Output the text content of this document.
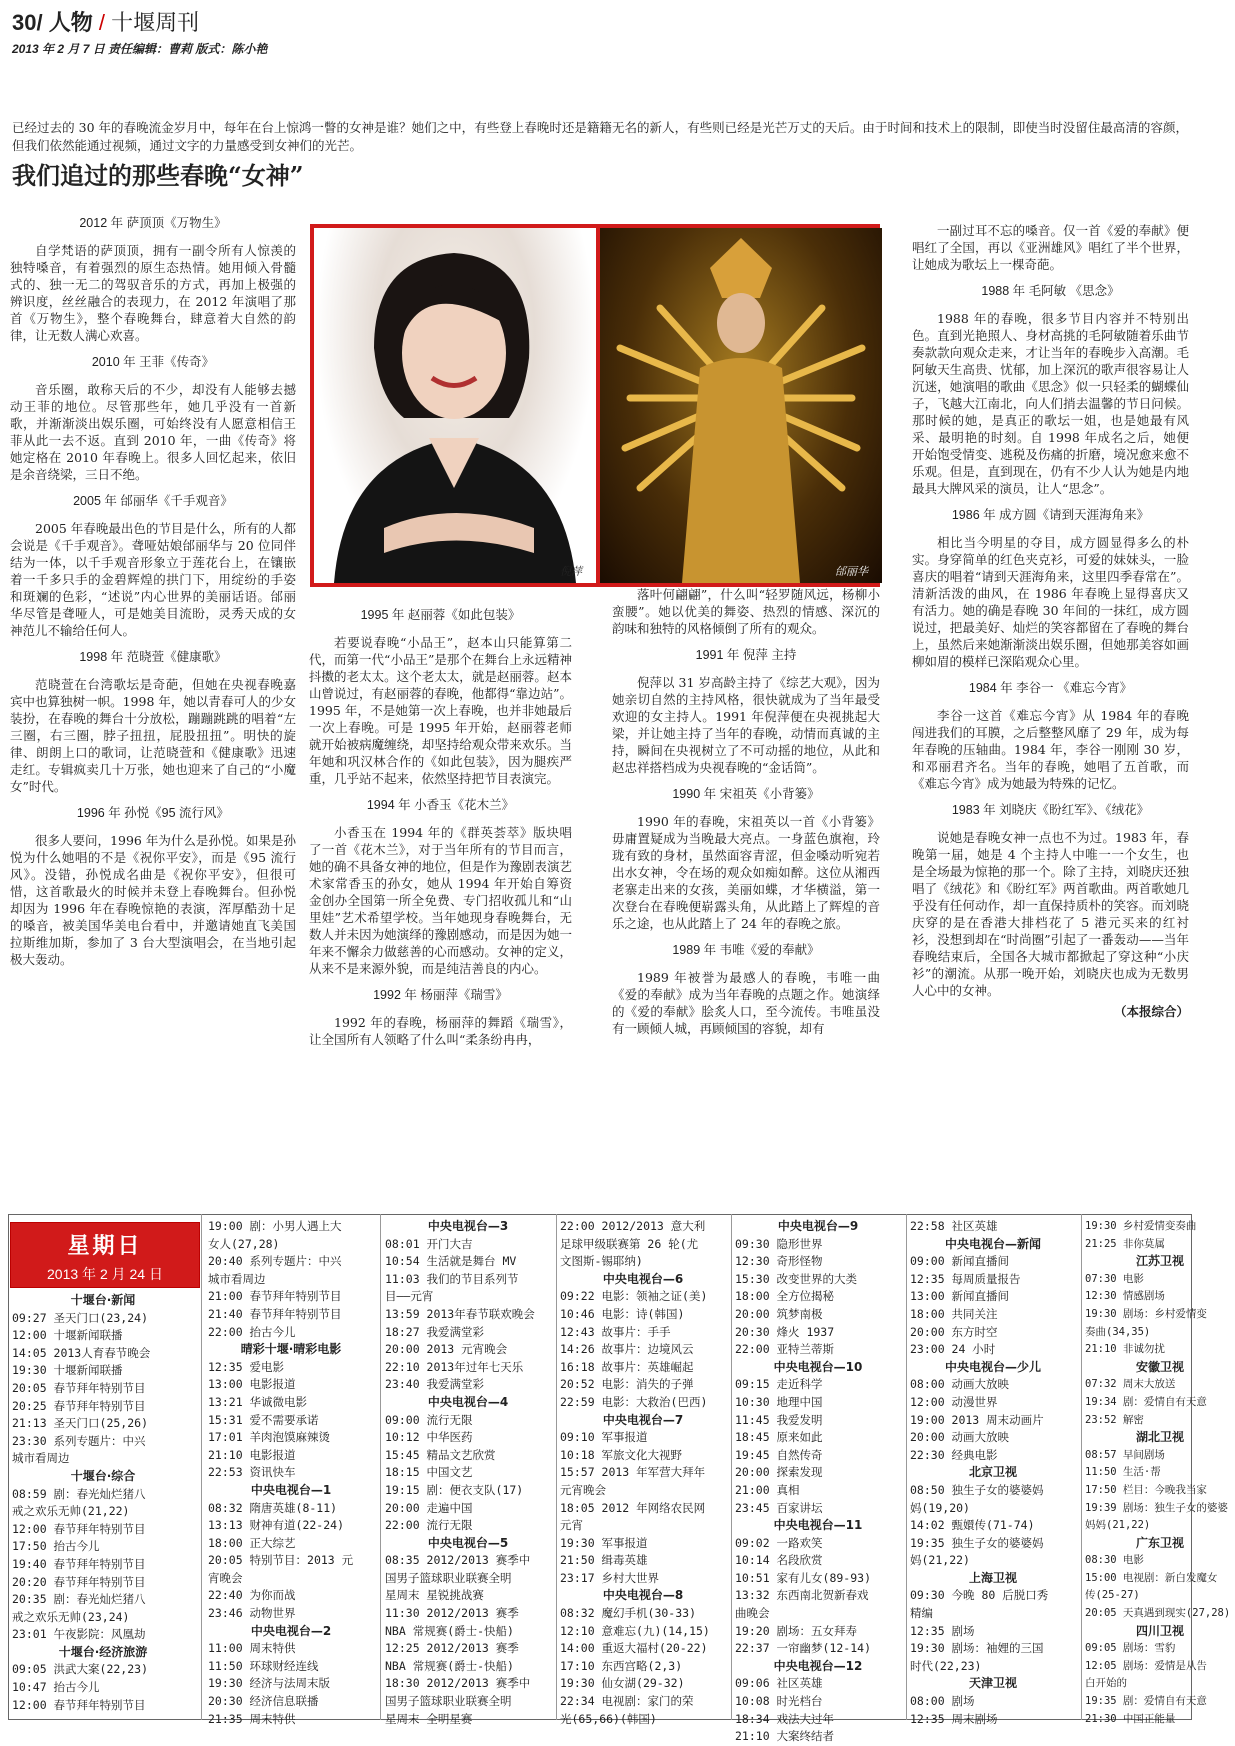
30/ 人物 / 十堰周刊
2013 年 2 月 7 日 责任编辑：曹莉 版式：陈小艳
已经过去的 30 年的春晚流金岁月中，每年在台上惊鸿一瞥的女神是谁？她们之中，有些登上春晚时还是籍籍无名的新人，有些则已经是光芒万丈的天后。由于时间和技术上的限制，即使当时没留住最高清的容颜，但我们依然能通过视频，通过文字的力量感受到女神们的光芒。
我们追过的那些春晚“女神”
倪萍	邰丽华
2012 年 萨顶顶《万物生》

自学梵语的萨顶顶，拥有一副令所有人惊羡的独特嗓音，有着强烈的原生态热情。她用倾入骨髓式的、独一无二的驾驭音乐的方式，再加上极强的辨识度，丝丝融合的表现力，在 2012 年演唱了那首《万物生》，整个春晚舞台，肆意着大自然的韵律，让无数人满心欢喜。

2010 年 王菲《传奇》

音乐圈，敢称天后的不少，却没有人能够去撼动王菲的地位。尽管那些年，她几乎没有一首新歌，并渐渐淡出娱乐圈，可始终没有人愿意相信王菲从此一去不返。直到 2010 年，一曲《传奇》将她定格在 2010 年春晚上。很多人回忆起来，依旧是余音绕梁，三日不绝。

2005 年 邰丽华《千手观音》

2005 年春晚最出色的节目是什么，所有的人都会说是《千手观音》。聋哑姑娘邰丽华与 20 位同伴结为一体，以千手观音形象立于莲花台上，在镶嵌着一千多只手的金碧辉煌的拱门下，用绽纷的手姿和斑斓的色彩，“述说”内心世界的美丽话语。邰丽华尽管是聋哑人，可是她美目流盼，灵秀天成的女神范儿不输给任何人。

1998 年 范晓萱《健康歌》

范晓萱在台湾歌坛是奇葩，但她在央视春晚嘉宾中也算独树一帜。1998 年，她以青春可人的少女装扮，在春晚的舞台十分放松，蹦蹦跳跳的唱着“左三圈，右三圈，脖子扭扭，屁股扭扭”。明快的旋律、朗朗上口的歌词，让范晓萱和《健康歌》迅速走红。专辑疯卖几十万张，她也迎来了自己的“小魔女”时代。

1996 年 孙悦《95 流行风》

很多人要问，1996 年为什么是孙悦。如果是孙悦为什么她唱的不是《祝你平安》，而是《95 流行风》。没错，孙悦成名曲是《祝你平安》，但很可惜，这首歌最火的时候并未登上春晚舞台。但孙悦却因为 1996 年在春晚惊艳的表演，浑厚酷劲十足的嗓音，被美国华美电台看中，并邀请她直飞美国拉斯维加斯，参加了 3 台大型演唱会，在当地引起极大轰动。

1995 年 赵丽蓉《如此包装》

若要说春晚“小品王”，赵本山只能算第二代，而第一代“小品王”是那个在舞台上永远精神抖擞的老太太。这个老太太，就是赵丽蓉。赵本山曾说过，有赵丽蓉的春晚，他都得“靠边站”。1995 年，不是她第一次上春晚，也并非她最后一次上春晚。可是 1995 年开始，赵丽蓉老师就开始被病魔缠绕，却坚持给观众带来欢乐。当年她和巩汉林合作的《如此包装》，因为腿疾严重，几乎站不起来，依然坚持把节目表演完。

1994 年 小香玉《花木兰》

小香玉在 1994 年的《群英荟萃》版块唱了一首《花木兰》，对于当年所有的节目而言，她的确不具备女神的地位，但是作为豫剧表演艺术家常香玉的孙女，她从 1994 年开始自筹资金创办全国第一所全免费、专门招收孤儿和“山里娃”艺术希望学校。当年她现身春晚舞台，无数人并未因为她演绎的豫剧感动，而是因为她一年来不懈余力做慈善的心而感动。女神的定义，从来不是来源外貌，而是纯洁善良的内心。

1992 年 杨丽萍《瑞雪》

1992 年的春晚，杨丽萍的舞蹈《瑞雪》，让全国所有人领略了什么叫“柔条纷冉冉，

落叶何翩翩”，什么叫“轻罗随风远，杨柳小蛮腰”。她以优美的舞姿、热烈的情感、深沉的韵味和独特的风格倾倒了所有的观众。

1991 年 倪萍 主持

倪萍以 31 岁高龄主持了《综艺大观》，因为她亲切自然的主持风格，很快就成为了当年最受欢迎的女主持人。1991 年倪萍便在央视挑起大梁，并让她主持了当年的春晚，动情而真诚的主持，瞬间在央视树立了不可动摇的地位，从此和赵忠祥搭档成为央视春晚的“金话筒”。

1990 年 宋祖英《小背篓》

1990 年的春晚，宋祖英以一首《小背篓》毋庸置疑成为当晚最大亮点。一身蓝色旗袍，玲珑有致的身材，虽然面容青涩，但金嗓动听宛若出水女神，令在场的观众如痴如醉。这位从湘西老寨走出来的女孩，美丽如蝶，才华横溢，第一次登台在春晚便崭露头角，从此踏上了辉煌的音乐之途，也从此踏上了 24 年的春晚之旅。

1989 年 韦唯《爱的奉献》

1989 年被誉为最感人的春晚，韦唯一曲《爱的奉献》成为当年春晚的点题之作。她演绎的《爱的奉献》脍炙人口，至今流传。韦唯虽没有一顾倾人城，再顾倾国的容貌，却有

一副过耳不忘的嗓音。仅一首《爱的奉献》便唱红了全国，再以《亚洲雄风》唱红了半个世界，让她成为歌坛上一棵奇葩。

1988 年 毛阿敏 《思念》

1988 年的春晚，很多节目内容并不特别出色。直到光艳照人、身材高挑的毛阿敏随着乐曲节奏款款向观众走来，才让当年的春晚步入高潮。毛阿敏天生高贵、忧郁，加上深沉的歌声很容易让人沉迷，她演唱的歌曲《思念》似一只轻柔的蝴蝶仙子，飞越大江南北，向人们捎去温馨的节日问候。那时候的她，是真正的歌坛一姐，也是她最有风采、最明艳的时刻。自 1998 年成名之后，她便开始饱受情变、逃税及伤痛的折磨，境况愈来愈不乐观。但是，直到现在，仍有不少人认为她是内地最具大牌风采的演员，让人“思念”。

1986 年 成方圆《请到天涯海角来》

相比当今明星的夺目，成方圆显得多么的朴实。身穿简单的红色夹克衫，可爱的妹妹头，一脸喜庆的唱着“请到天涯海角来，这里四季春常在”。清新活泼的曲风，在 1986 年春晚上显得喜庆又有活力。她的确是春晚 30 年间的一抹红，成方圆说过，把最美好、灿烂的笑容都留在了春晚的舞台上，虽然后来她渐渐淡出娱乐圈，但她那美容如画柳如眉的模样已深陷观众心里。

1984 年 李谷一 《难忘今宵》

李谷一这首《难忘今宵》从 1984 年的春晚闯进我们的耳膜，之后整整风靡了 29 年，成为每年春晚的压轴曲。1984 年，李谷一刚刚 30 岁，和邓丽君齐名。当年的春晚，她唱了五首歌，而《难忘今宵》成为她最为特殊的记忆。

1983 年 刘晓庆《盼红军》、《绒花》

说她是春晚女神一点也不为过。1983 年，春晚第一届，她是 4 个主持人中唯一一个女生，也是全场最为惊艳的那一个。除了主持，刘晓庆还独唱了《绒花》和《盼红军》两首歌曲。两首歌她几乎没有任何动作，却一直保持质朴的笑容。而刘晓庆穿的是在香港大排档花了 5 港元买来的红衬衫，没想到却在“时尚圈”引起了一番轰动——当年春晚结束后，全国各大城市都掀起了穿这种“小庆衫”的潮流。从那一晚开始，刘晓庆也成为无数男人心中的女神。

（本报综合）
星期日
2013 年 2 月 24 日
十堰台·新闻
09:27 圣天门口(23,24)
12:00 十堰新闻联播
14:05 2013人育春节晚会
19:30 十堰新闻联播
20:05 春节拜年特别节目
20:25 春节拜年特别节目
21:13 圣天门口(25,26)
23:30 系列专题片：中兴
城市看周边
十堰台·综合
08:59 剧：春光灿烂猪八
戒之欢乐无帅(21,22)
12:00 春节拜年特别节目
17:50 抬古今儿
19:40 春节拜年特别节目
20:20 春节拜年特别节目
20:35 剧：春光灿烂猪八
戒之欢乐无帅(23,24)
23:01 午夜影院：风凰劫
十堰台·经济旅游
09:05 洪武大案(22,23)
10:47 抬古今儿
12:00 春节拜年特别节目
19:00 剧：小男人遇上大
女人(27,28)
20:40 系列专题片：中兴
城市看周边
21:00 春节拜年特别节目
21:40 春节拜年特别节目
22:00 抬古今儿
晴彩十堰·晴彩电影
12:35 爱电影
13:00 电影报道
13:21 华诚微电影
15:31 爱不需要承诺
17:01 羊肉泡馍麻辣烫
21:10 电影报道
22:53 资讯快车
中央电视台—1
08:32 隋唐英雄(8-11)
13:13 财神有道(22-24)
18:00 正大综艺
20:05 特别节目：2013 元
宵晚会
22:40 为你而战
23:46 动物世界
中央电视台—2
11:00 周末特供
11:50 环球财经连线
19:30 经济与法周末版
20:30 经济信息联播
21:35 周末特供
中央电视台—3
08:01 开门大吉
10:54 生活就是舞台 MV
11:03 我们的节目系列节
目——元宵
13:59 2013年春节联欢晚会
18:27 我爱满堂彩
20:00 2013 元宵晚会
22:10 2013年过年七天乐
23:40 我爱满堂彩
中央电视台—4
09:00 流行无限
10:12 中华医药
15:45 精品文艺欣赏
18:15 中国文艺
19:15 剧：便衣支队(17)
20:00 走遍中国
22:00 流行无限
中央电视台—5
08:35 2012/2013 赛季中
国男子篮球职业联赛全明
星周末 星锐挑战赛
11:30 2012/2013 赛季
NBA 常规赛(爵士-快船)
12:25 2012/2013 赛季
NBA 常规赛(爵士-快船)
18:30 2012/2013 赛季中
国男子篮球职业联赛全明
星周末 全明星赛
22:00 2012/2013 意大利
足球甲级联赛第 26 轮(尤
文图斯-锡耶纳)
中央电视台—6
09:22 电影：领袖之证(美)
10:46 电影：诗(韩国)
12:43 故事片：手手
14:26 故事片：边境风云
16:18 故事片：英雄崛起
20:52 电影：消失的子弹
22:59 电影：大救治(巴西)
中央电视台—7
09:10 军事报道
10:18 军旅文化大视野
15:57 2013 年军营大拜年
元宵晚会
18:05 2012 年网络农民网
元宵
19:30 军事报道
21:50 缉毒英雄
23:17 乡村大世界
中央电视台—8
08:32 魔幻手机(30-33)
12:10 意难忘(九)(14,15)
14:00 重返大福村(20-22)
17:10 东西宫略(2,3)
19:30 仙女湖(29-32)
22:34 电视剧：家门的荣
光(65,66)(韩国)
中央电视台—9
09:30 隐形世界
12:30 奇形怪物
15:30 改变世界的大类
18:00 全方位揭秘
20:00 筑梦南极
20:30 烽火 1937
22:00 亚特兰蒂斯
中央电视台—10
09:15 走近科学
10:30 地理中国
11:45 我爱发明
18:45 原来如此
19:45 自然传奇
20:00 探索发现
21:00 真相
23:45 百家讲坛
中央电视台—11
09:02 一路欢笑
10:14 名段欣赏
10:51 家有儿女(89-93)
13:32 东西南北贺新春戏
曲晚会
19:20 剧场：五女拜寿
22:37 一帘幽梦(12-14)
中央电视台—12
09:06 社区英雄
10:08 时光档台
18:34 戏法大过年
21:10 大案终结者
22:58 社区英雄
中央电视台—新闻
09:00 新闻直播间
12:35 每周质量报告
13:00 新闻直播间
18:00 共同关注
20:00 东方时空
23:00 24 小时
中央电视台—少儿
08:00 动画大放映
12:00 动漫世界
19:00 2013 周末动画片
20:00 动画大放映
22:30 经典电影
北京卫视
08:50 独生子女的婆婆妈
妈(19,20)
14:02 甄嬛传(71-74)
19:35 独生子女的婆婆妈
妈(21,22)
上海卫视
09:30 今晚 80 后脱口秀
精编
12:35 剧场
19:30 剧场：袖娌的三国
时代(22,23)
天津卫视
08:00 剧场
12:35 周末剧场
19:30 乡村爱情变奏曲
21:25 非你莫属
江苏卫视
07:30 电影
12:30 情感剧场
19:30 剧场：乡村爱情变
奏曲(34,35)
21:10 非诚勿扰
安徽卫视
07:32 周末大放送
19:34 剧：爱情自有天意
23:52 解密
湖北卫视
08:57 早间剧场
11:50 生活·帮
17:50 栏目：今晚我当家
19:39 剧场：独生子女的婆婆
妈妈(21,22)
广东卫视
08:30 电影
15:00 电视剧：新白发魔女
传(25-27)
20:05 天真遇到现实(27,28)
四川卫视
09:05 剧场：雪豹
12:05 剧场：爱情是从告
白开始的
19:35 剧：爱情自有天意
21:30 中国正能量
